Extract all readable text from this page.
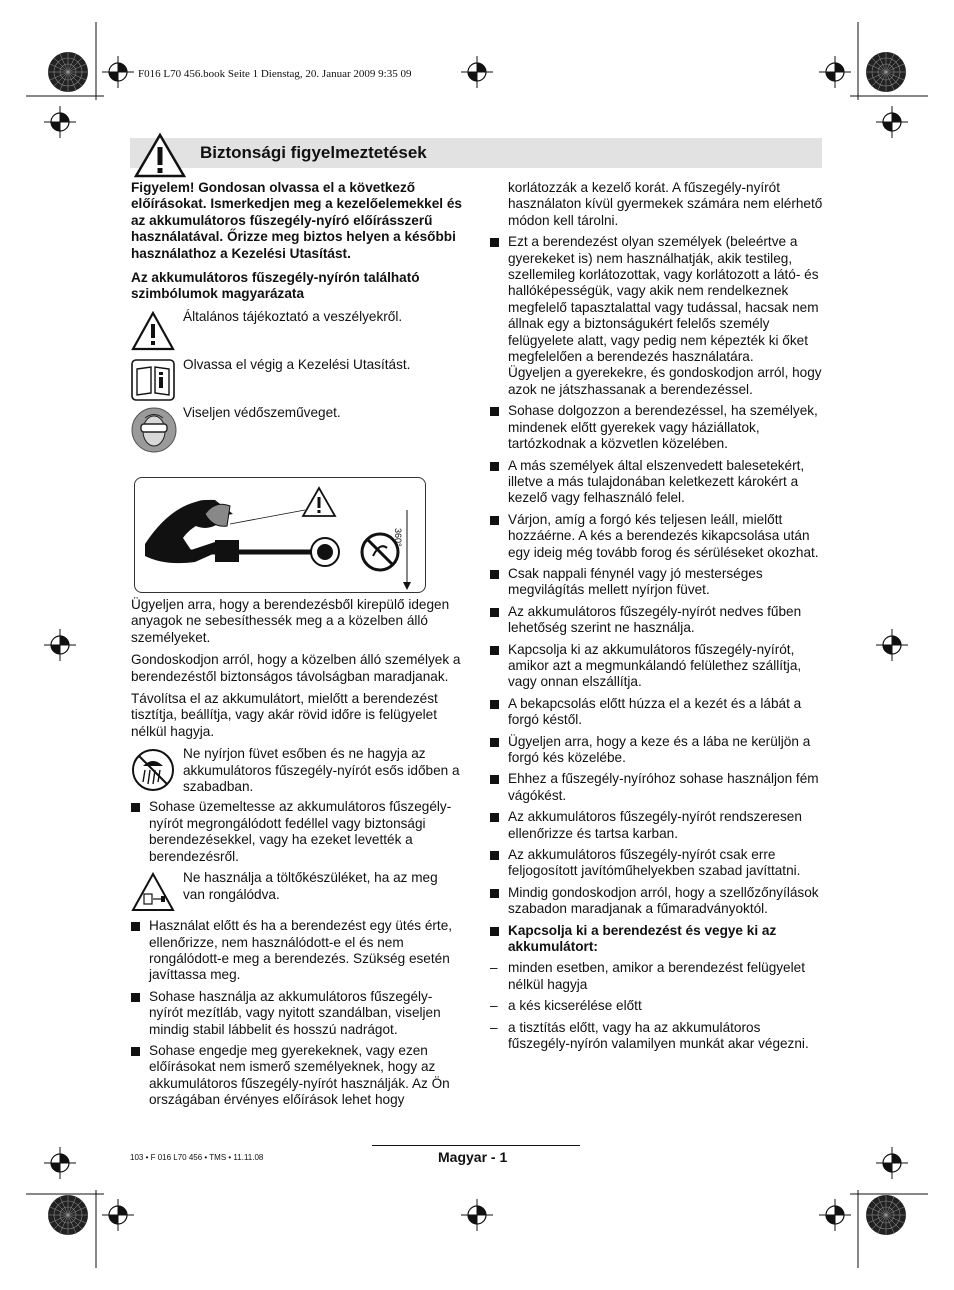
F016 L70 456.book Seite 1 Dienstag, 20. Januar 2009 9:35 09
Biztonsági figyelmeztetések

Figyelem! Gondosan olvassa el a következő előírásokat. Ismerkedjen meg a kezelőelemekkel és az akkumulátoros fűszegély-nyíró előírásszerű használatával. Őrizze meg biztos helyen a későbbi használathoz a Kezelési Utasítást.

Az akkumulátoros fűszegély-nyírón található szimbólumok magyarázata

Általános tájékoztató a veszélyekről.
Olvassa el végig a Kezelési Utasítást.
Viseljen védőszeműveget.
360°

Ügyeljen arra, hogy a berendezésből kirepülő idegen anyagok ne sebesíthessék meg a a közelben álló személyeket.

Gondoskodjon arról, hogy a közelben álló személyek a berendezéstől biztonságos távolságban maradjanak.

Távolítsa el az akkumulátort, mielőtt a berendezést tisztítja, beállítja, vagy akár rövid időre is felügyelet nélkül hagyja.

Ne nyírjon füvet esőben és ne hagyja az akkumulátoros fűszegély-nyírót esős időben a szabadban.
Sohase üzemeltesse az akkumulátoros fűszegély-nyírót megrongálódott fedéllel vagy biztonsági berendezésekkel, vagy ha ezeket levették a berendezésről.
Ne használja a töltőkészüléket, ha az meg van rongálódva.
Használat előtt és ha a berendezést egy ütés érte, ellenőrizze, nem használódott-e el és nem rongálódott-e meg a berendezés. Szükség esetén javíttassa meg.
Sohase használja az akkumulátoros fűszegély-nyírót mezítláb, vagy nyitott szandálban, viseljen mindig stabil lábbelit és hosszú nadrágot.
Sohase engedje meg gyerekeknek, vagy ezen előírásokat nem ismerő személyeknek, hogy az akkumulátoros fűszegély-nyírót használják. Az Ön országában érvényes előírások lehet hogy
korlátozzák a kezelő korát. A fűszegély-nyírót használaton kívül gyermekek számára nem elérhető módon kell tárolni.
Ezt a berendezést olyan személyek (beleértve a gyerekeket is) nem használhatják, akik testileg, szellemileg korlátozottak, vagy korlátozott a látó- és hallóképességük, vagy akik nem rendelkeznek megfelelő tapasztalattal vagy tudással, hacsak nem állnak egy a biztonságukért felelős személy felügyelete alatt, vagy pedig nem képezték ki őket megfelelően a berendezés használatára.
Ügyeljen a gyerekekre, és gondoskodjon arról, hogy azok ne játszhassanak a berendezéssel.
Sohase dolgozzon a berendezéssel, ha személyek, mindenek előtt gyerekek vagy háziállatok, tartózkodnak a közvetlen közelében.
A más személyek által elszenvedett balesetekért, illetve a más tulajdonában keletkezett károkért a kezelő vagy felhasználó felel.
Várjon, amíg a forgó kés teljesen leáll, mielőtt hozzáérne. A kés a berendezés kikapcsolása után egy ideig még tovább forog és sérüléseket okozhat.
Csak nappali fénynél vagy jó mesterséges megvilágítás mellett nyírjon füvet.
Az akkumulátoros fűszegély-nyírót nedves fűben lehetőség szerint ne használja.
Kapcsolja ki az akkumulátoros fűszegély-nyírót, amikor azt a megmunkálandó felülethez szállítja, vagy onnan elszállítja.
A bekapcsolás előtt húzza el a kezét és a lábát a forgó késtől.
Ügyeljen arra, hogy a keze és a lába ne kerüljön a forgó kés közelébe.
Ehhez a fűszegély-nyíróhoz sohase használjon fém vágókést.
Az akkumulátoros fűszegély-nyírót rendszeresen ellenőrizze és tartsa karban.
Az akkumulátoros fűszegély-nyírót csak erre feljogosított javítóműhelyekben szabad javíttatni.
Mindig gondoskodjon arról, hogy a szellőzőnyílások szabadon maradjanak a fűmaradványoktól.
Kapcsolja ki a berendezést és vegye ki az akkumulátort:
– minden esetben, amikor a berendezést felügyelet nélkül hagyja
– a kés kicserélése előtt
– a tisztítás előtt, vagy ha az akkumulátoros fűszegély-nyírón valamilyen munkát akar végezni.
103 • F 016 L70 456 • TMS • 11.11.08	Magyar - 1
